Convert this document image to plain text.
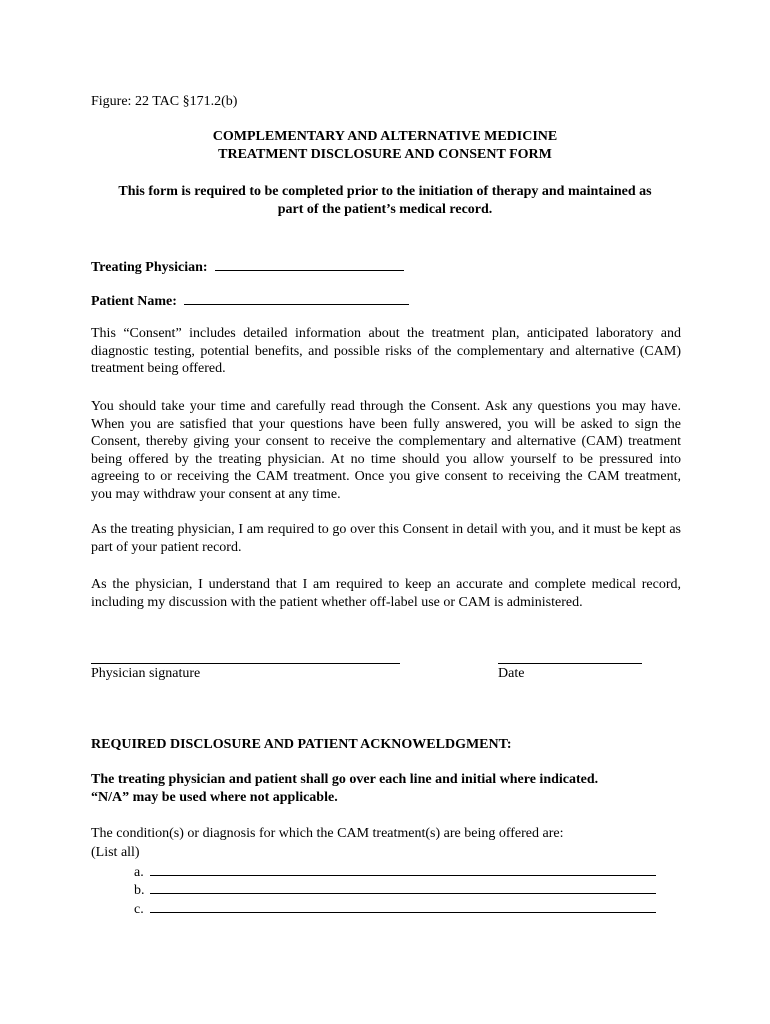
Figure: 22 TAC §171.2(b)
COMPLEMENTARY AND ALTERNATIVE MEDICINE
TREATMENT DISCLOSURE AND CONSENT FORM
This form is required to be completed prior to the initiation of therapy and maintained as
part of the patient’s medical record.
Treating Physician:
Patient Name:
This “Consent” includes detailed information about the treatment plan, anticipated laboratory and diagnostic testing, potential benefits, and possible risks of the complementary and alternative (CAM) treatment being offered.
You should take your time and carefully read through the Consent. Ask any questions you may have. When you are satisfied that your questions have been fully answered, you will be asked to sign the Consent, thereby giving your consent to receive the complementary and alternative (CAM) treatment being offered by the treating physician. At no time should you allow yourself to be pressured into agreeing to or receiving the CAM treatment. Once you give consent to receiving the CAM treatment, you may withdraw your consent at any time.
As the treating physician, I am required to go over this Consent in detail with you, and it must be kept as part of your patient record.
As the physician, I understand that I am required to keep an accurate and complete medical record, including my discussion with the patient whether off-label use or CAM is administered.
Physician signature	Date
REQUIRED DISCLOSURE AND PATIENT ACKNOWELDGMENT:
The treating physician and patient shall go over each line and initial where indicated.
“N/A” may be used where not applicable.
The condition(s) or diagnosis for which the CAM treatment(s) are being offered are:
(List all)
a.
b.
c.
